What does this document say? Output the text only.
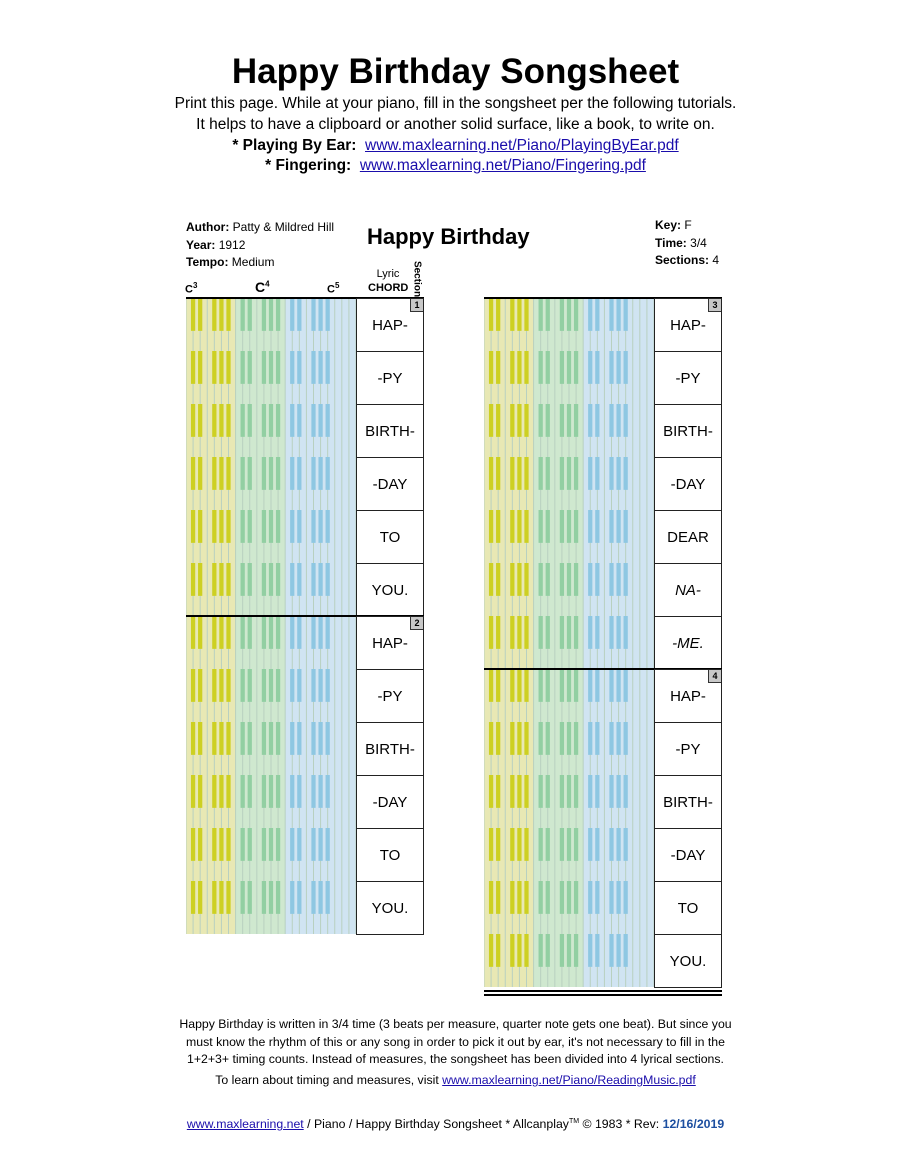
Happy Birthday Songsheet
Print this page. While at your piano, fill in the songsheet per the following tutorials.
It helps to have a clipboard or another solid surface, like a book, to write on.
* Playing By Ear: www.maxlearning.net/Piano/PlayingByEar.pdf
* Fingering: www.maxlearning.net/Piano/Fingering.pdf
Author: Patty & Mildred Hill
Year: 1912
Tempo: Medium
Happy Birthday	Key: F
Time: 3/4
Sections: 4
Lyric
CHORD Section
$C^3$	$C^4$	$C^5$
HAP-
1
-PY
BIRTH-
-DAY
TO
YOU.
HAP-
2
-PY
BIRTH-
-DAY
TO
YOU.
HAP-
3
-PY
BIRTH-
-DAY
DEAR
NA-
-ME.
HAP-
4
-PY
BIRTH-
-DAY
TO
YOU.
Happy Birthday is written in 3/4 time (3 beats per measure, quarter note gets one beat). But since you must know the rhythm of this or any song in order to pick it out by ear, it's not necessary to fill in the 1+2+3+ timing counts. Instead of measures, the songsheet has been divided into 4 lyrical sections.
To learn about timing and measures, visit www.maxlearning.net/Piano/ReadingMusic.pdf
www.maxlearning.net / Piano / Happy Birthday Songsheet * Allcanplay™ © 1983 * Rev: 12/16/2019
